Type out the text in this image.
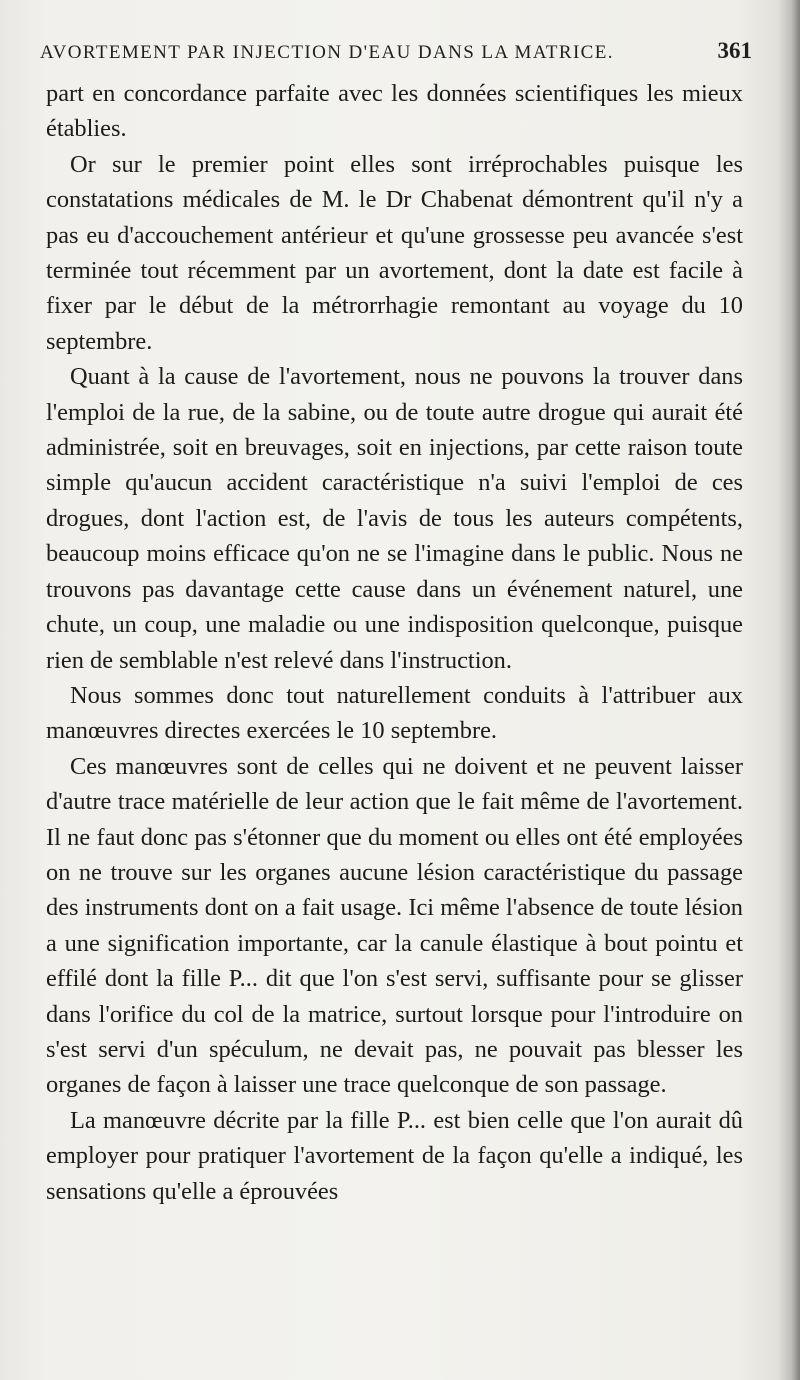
AVORTEMENT PAR INJECTION D'EAU DANS LA MATRICE.	361

part en concordance parfaite avec les données scientifiques les mieux établies.

Or sur le premier point elles sont irréprochables puisque les constatations médicales de M. le Dr Chabenat démontrent qu'il n'y a pas eu d'accouchement antérieur et qu'une grossesse peu avancée s'est terminée tout récemment par un avortement, dont la date est facile à fixer par le début de la métrorrhagie remontant au voyage du 10 septembre.

Quant à la cause de l'avortement, nous ne pouvons la trouver dans l'emploi de la rue, de la sabine, ou de toute autre drogue qui aurait été administrée, soit en breuvages, soit en injections, par cette raison toute simple qu'aucun accident caractéristique n'a suivi l'emploi de ces drogues, dont l'action est, de l'avis de tous les auteurs compétents, beaucoup moins efficace qu'on ne se l'imagine dans le public. Nous ne trouvons pas davantage cette cause dans un événement naturel, une chute, un coup, une maladie ou une indisposition quelconque, puisque rien de semblable n'est relevé dans l'instruction.

Nous sommes donc tout naturellement conduits à l'attribuer aux manœuvres directes exercées le 10 septembre.

Ces manœuvres sont de celles qui ne doivent et ne peuvent laisser d'autre trace matérielle de leur action que le fait même de l'avortement. Il ne faut donc pas s'étonner que du moment ou elles ont été employées on ne trouve sur les organes aucune lésion caractéristique du passage des instruments dont on a fait usage. Ici même l'absence de toute lésion a une signification importante, car la canule élastique à bout pointu et effilé dont la fille P... dit que l'on s'est servi, suffisante pour se glisser dans l'orifice du col de la matrice, surtout lorsque pour l'introduire on s'est servi d'un spéculum, ne devait pas, ne pouvait pas blesser les organes de façon à laisser une trace quelconque de son passage.

La manœuvre décrite par la fille P... est bien celle que l'on aurait dû employer pour pratiquer l'avortement de la façon qu'elle a indiqué, les sensations qu'elle a éprouvées
